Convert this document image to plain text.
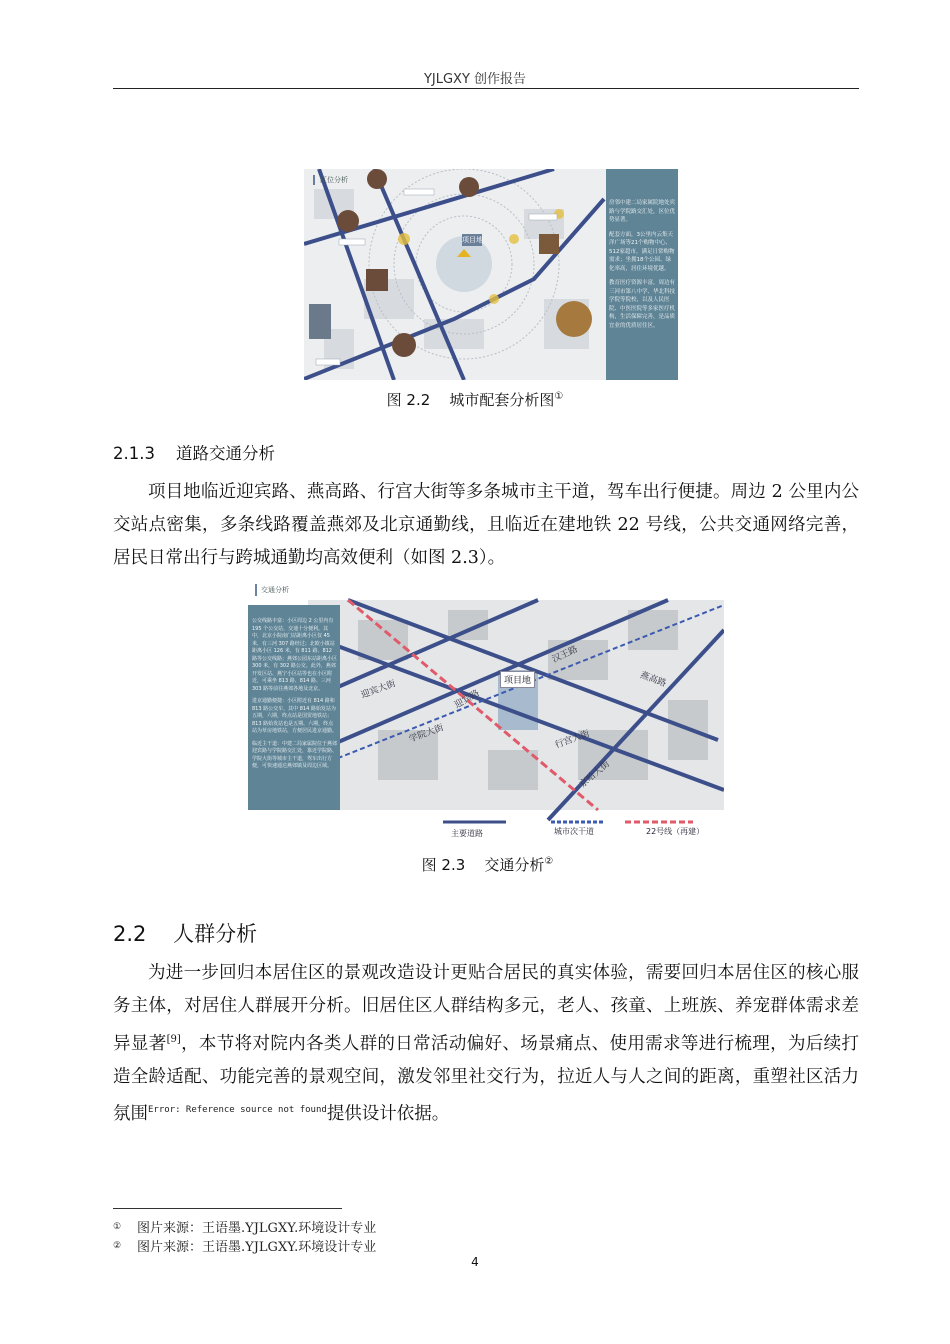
YJLGXY 创作报告
区位分析
项目地
房邻中建二局家属院地处宾路与学院路交汇处，区位优势显著。
配套方面，3公里内云集天洋广场等21个购物中心、512家超市，满足日常购物需求；坐拥18个公园、绿化率高，居住环境优越。
教育医疗资源丰富，周边有三河市第八中学、华北科技学院等院校，以及人民医院、中医医院等多家医疗机构，生活保障完善，是品质宜业的优质居住区。
图 2.2 城市配套分析图①
2.1.3 道路交通分析

项目地临近迎宾路、燕高路、行宫大街等多条城市主干道，驾车出行便捷。周边 2 公里内公交站点密集，多条线路覆盖燕郊及北京通勤线，且临近在建地铁 22 号线，公共交通网络完善，居民日常出行与跨城通勤均高效便利（如图 2.3）。

交通分析
公交线路丰富：小区周边 2 公里内有 195 个公交站，交通十分便利。其中，北京小院南门站距离小区仅 45 米，有三河 307 路经过；北欧小镇站距离小区 126 米，有 811 路、812 路等公交线路；燕郊公园东站距离小区 300 米，有 302 路公交。此外，燕郊开发区站、燕宁小区站等也在小区附近，可乘坐 813 路、814 路、三河 303 路等前往燕郊各地及北京。
进京通勤便捷：小区附近有 814 路和 813 路公交车，其中 814 路始发站为五期，六期，终点站是国贸地铁站；813 路始发站也是五期、六期，终点站为草房地铁站，方便居民进京通勤。
临近主干道：中建二局家属院位于燕郊迎宾路与学院路交汇处，靠近学院路、学院大街等城市主干道，驾车出行方便，可快速通达燕郊镇及周边区域。
迎宾路
项目地
汉王路
燕高路
学院大街	行宫大街
京哈大街
迎宾大街
主要道路	城市次干道	22号线（再建）
图 2.3 交通分析②
2.2 人群分析

为进一步回归本居住区的景观改造设计更贴合居民的真实体验，需要回归本居住区的核心服务主体，对居住人群展开分析。旧居住区人群结构多元，老人、孩童、上班族、养宠群体需求差异显著[9]，本节将对院内各类人群的日常活动偏好、场景痛点、使用需求等进行梳理，为后续打造全龄适配、功能完善的景观空间，激发邻里社交行为，拉近人与人之间的距离，重塑社区活力氛围$^{Error: Reference source not found}$提供设计依据。

① 图片来源：王语墨.YJLGXY.环境设计专业
② 图片来源：王语墨.YJLGXY.环境设计专业
4
